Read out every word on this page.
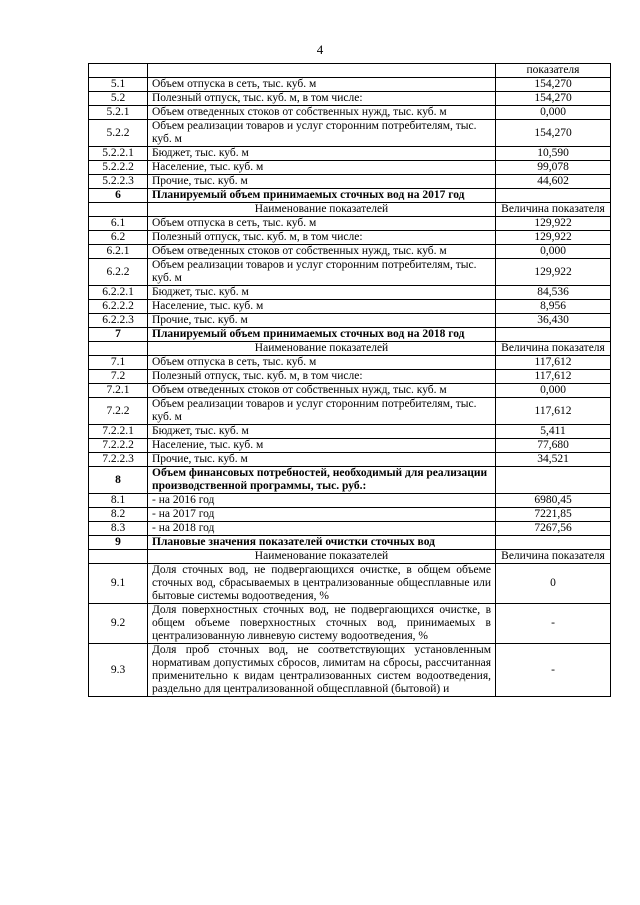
4
		показателя
5.1	Объем отпуска в сеть, тыс. куб. м	154,270
5.2	Полезный отпуск, тыс. куб. м, в том числе:	154,270
5.2.1	Объем отведенных стоков от собственных нужд, тыс. куб. м	0,000
5.2.2	Объем реализации товаров и услуг сторонним потребителям, тыс. куб. м	154,270
5.2.2.1	Бюджет, тыс. куб. м	10,590
5.2.2.2	Население, тыс. куб. м	99,078
5.2.2.3	Прочие, тыс. куб. м	44,602
6	Планируемый объем принимаемых сточных вод на 2017 год	
	Наименование показателей	Величина показателя
6.1	Объем отпуска в сеть, тыс. куб. м	129,922
6.2	Полезный отпуск, тыс. куб. м, в том числе:	129,922
6.2.1	Объем отведенных стоков от собственных нужд, тыс. куб. м	0,000
6.2.2	Объем реализации товаров и услуг сторонним потребителям, тыс. куб. м	129,922
6.2.2.1	Бюджет, тыс. куб. м	84,536
6.2.2.2	Население, тыс. куб. м	8,956
6.2.2.3	Прочие, тыс. куб. м	36,430
7	Планируемый объем принимаемых сточных вод на 2018 год	
	Наименование показателей	Величина показателя
7.1	Объем отпуска в сеть, тыс. куб. м	117,612
7.2	Полезный отпуск, тыс. куб. м, в том числе:	117,612
7.2.1	Объем отведенных стоков от собственных нужд, тыс. куб. м	0,000
7.2.2	Объем реализации товаров и услуг сторонним потребителям, тыс. куб. м	117,612
7.2.2.1	Бюджет, тыс. куб. м	5,411
7.2.2.2	Население, тыс. куб. м	77,680
7.2.2.3	Прочие, тыс. куб. м	34,521
8	Объем финансовых потребностей, необходимый для реализации производственной программы, тыс. руб.:	
8.1	- на 2016 год	6980,45
8.2	- на 2017 год	7221,85
8.3	- на 2018 год	7267,56
9	Плановые значения показателей очистки сточных вод	
	Наименование показателей	Величина показателя
9.1	Доля сточных вод, не подвергающихся очистке, в общем объеме сточных вод, сбрасываемых в централизованные общесплавные или бытовые системы водоотведения, %	0
9.2	Доля поверхностных сточных вод, не подвергающихся очистке, в общем объеме поверхностных сточных вод, принимаемых в централизованную ливневую систему водоотведения, %	-
9.3	Доля проб сточных вод, не соответствующих установленным нормативам допустимых сбросов, лимитам на сбросы, рассчитанная применительно к видам централизованных систем водоотведения, раздельно для централизованной общесплавной (бытовой) и	-
